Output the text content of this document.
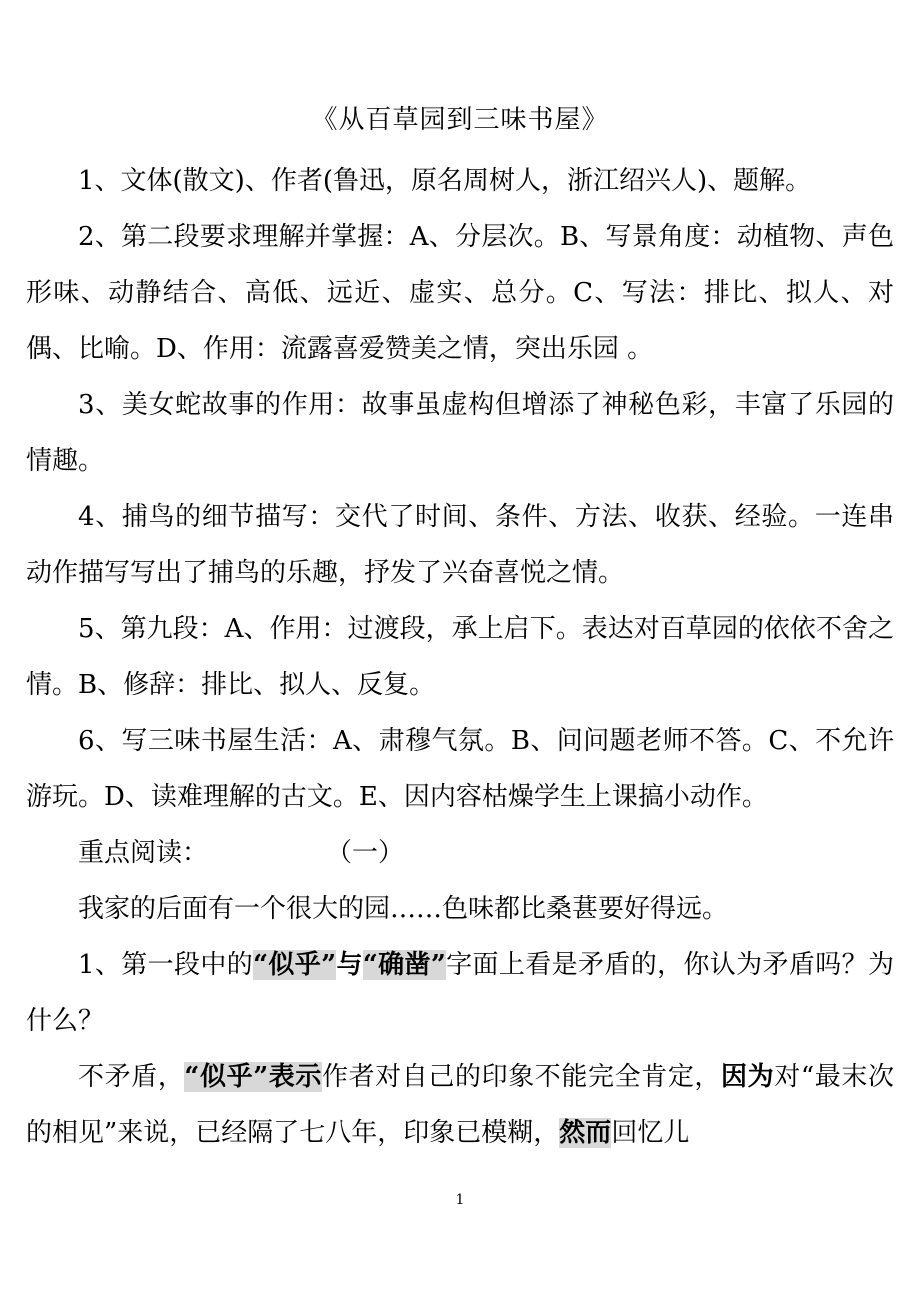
《从百草园到三味书屋》

1、文体(散文)、作者(鲁迅，原名周树人，浙江绍兴人)、题解。

2、第二段要求理解并掌握：A、分层次。B、写景角度：动植物、声色形味、动静结合、高低、远近、虚实、总分。C、写法：排比、拟人、对偶、比喻。D、作用：流露喜爱赞美之情，突出乐园 。

3、美女蛇故事的作用：故事虽虚构但增添了神秘色彩，丰富了乐园的情趣。

4、捕鸟的细节描写：交代了时间、条件、方法、收获、经验。一连串动作描写写出了捕鸟的乐趣，抒发了兴奋喜悦之情。

5、第九段：A、作用：过渡段，承上启下。表达对百草园的依依不舍之情。B、修辞：排比、拟人、反复。

6、写三味书屋生活：A、肃穆气氛。B、问问题老师不答。C、不允许游玩。D、读难理解的古文。E、因内容枯燥学生上课搞小动作。

重点阅读：	（一）

我家的后面有一个很大的园……色味都比桑葚要好得远。

1、第一段中的“似乎”与“确凿”字面上看是矛盾的，你认为矛盾吗？为什么？

不矛盾，“似乎”表示作者对自己的印象不能完全肯定，因为对“最末次的相见”来说，已经隔了七八年，印象已模糊，然而回忆儿

1
